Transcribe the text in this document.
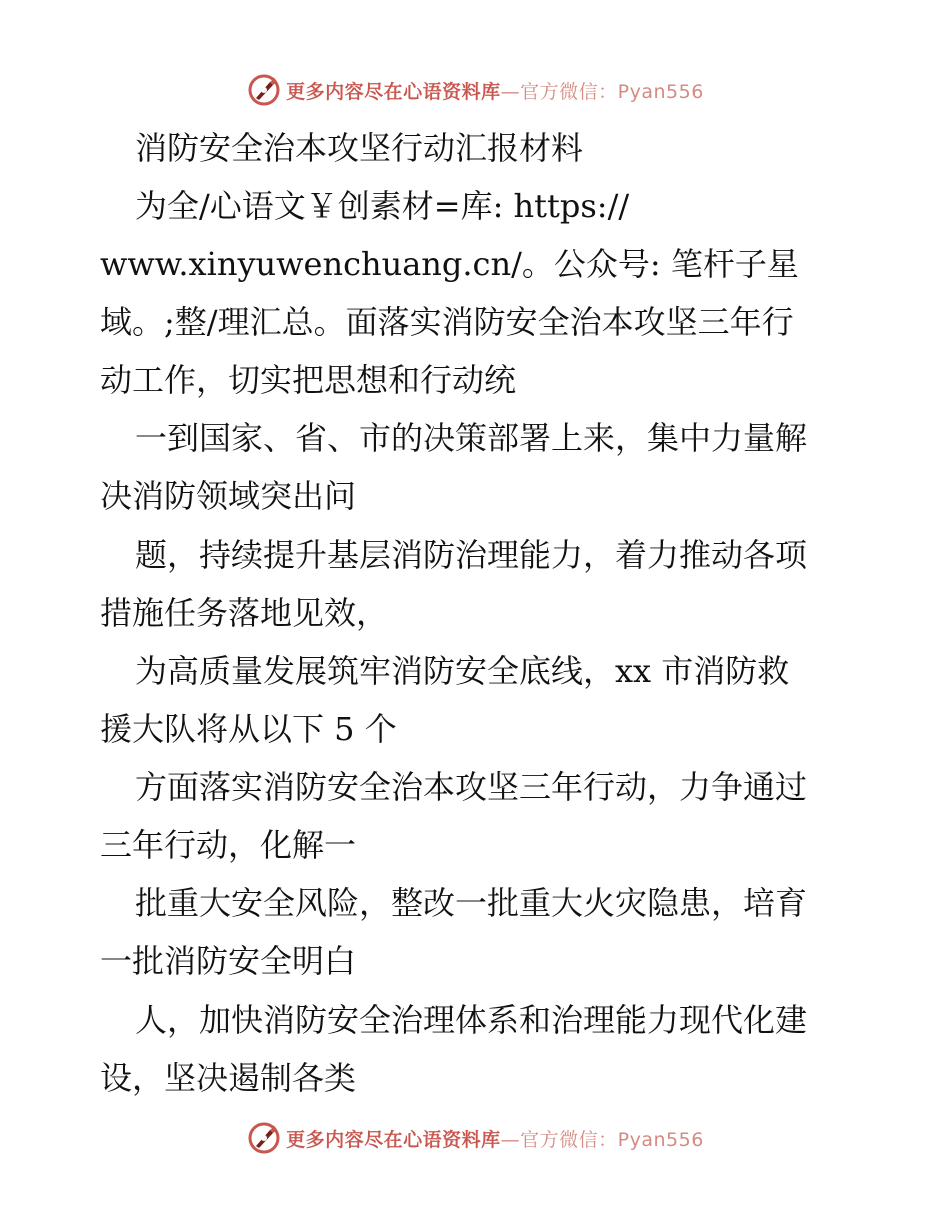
更多内容尽在心语资料库—官方微信：Pyan556
消防安全治本攻坚行动汇报材料
为全/心语文￥创素材=库: https://
www.xinyuwenchuang.cn/。公众号: 笔杆子星
域。;整/理汇总。面落实消防安全治本攻坚三年行
动工作，切实把思想和行动统
一到国家、省、市的决策部署上来，集中力量解
决消防领域突出问
题，持续提升基层消防治理能力，着力推动各项
措施任务落地见效，
为高质量发展筑牢消防安全底线，xx 市消防救
援大队将从以下 5 个
方面落实消防安全治本攻坚三年行动，力争通过
三年行动，化解一
批重大安全风险，整改一批重大火灾隐患，培育
一批消防安全明白
人，加快消防安全治理体系和治理能力现代化建
设，坚决遏制各类
更多内容尽在心语资料库—官方微信：Pyan556
